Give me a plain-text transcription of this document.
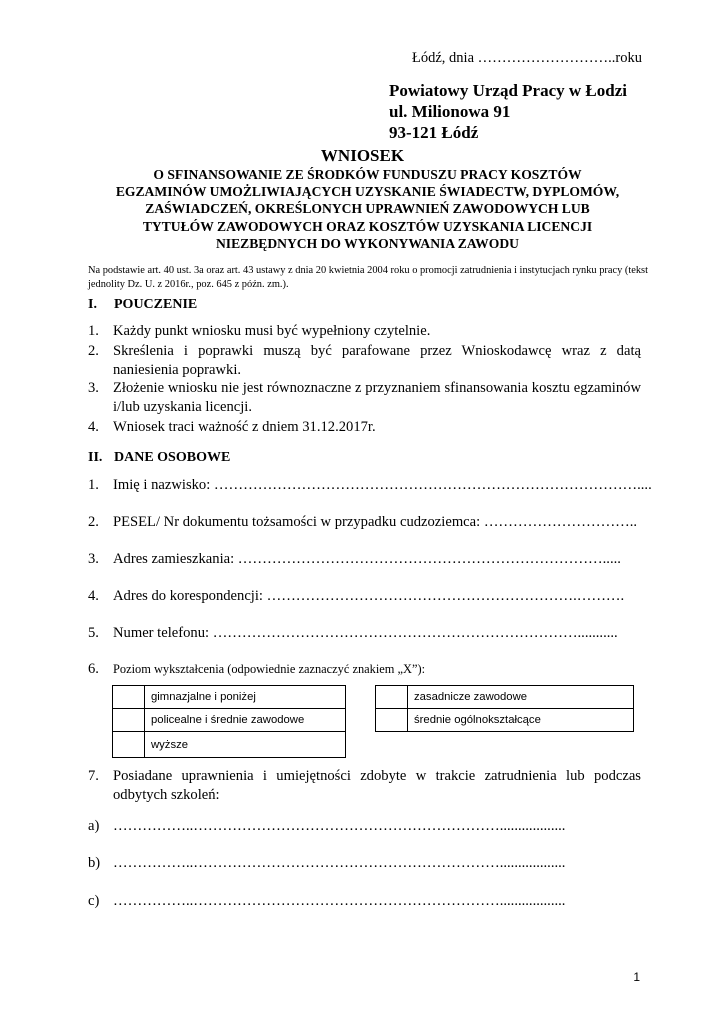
Łódź, dnia ………………………..roku
Powiatowy Urząd Pracy w Łodzi
ul. Milionowa 91
93-121 Łódź
WNIOSEK
O SFINANSOWANIE ZE ŚRODKÓW FUNDUSZU PRACY KOSZTÓW
EGZAMINÓW UMOŻLIWIAJĄCYCH UZYSKANIE ŚWIADECTW, DYPLOMÓW,
ZAŚWIADCZEŃ, OKREŚLONYCH UPRAWNIEŃ ZAWODOWYCH LUB
TYTUŁÓW ZAWODOWYCH ORAZ KOSZTÓW UZYSKANIA LICENCJI
NIEZBĘDNYCH DO WYKONYWANIA ZAWODU
Na podstawie art. 40 ust. 3a oraz art. 43 ustawy z dnia 20 kwietnia 2004 roku o promocji zatrudnienia i instytucjach rynku pracy (tekst jednolity Dz. U. z 2016r., poz. 645 z późn. zm.).
I. POUCZENIE
1. Każdy punkt wniosku musi być wypełniony czytelnie.
2. Skreślenia i poprawki muszą być parafowane przez Wnioskodawcę wraz z datą naniesienia poprawki.
3. Złożenie wniosku nie jest równoznaczne z przyznaniem sfinansowania kosztu egzaminów i/lub uzyskania licencji.
4. Wniosek traci ważność z dniem 31.12.2017r.
II. DANE OSOBOWE
1. Imię i nazwisko: ……………………………………………………………………………....
2. PESEL/ Nr dokumentu tożsamości w przypadku cudzoziemca: …………………………..
3. Adres zamieszkania: ………………………………………………………………….....
4. Adres do korespondencji: ……………………………………………………….……….
5. Numer telefonu: …………………………………………………………………...........
6. Poziom wykształcenia (odpowiednie zaznaczyć znakiem „X”):
	gimnazjalne i poniżej
	policealne i średnie zawodowe
	wyższe
	zasadnicze zawodowe
	średnie ogólnokształcące
7. Posiadane uprawnienia i umiejętności zdobyte w trakcie zatrudnienia lub podczas odbytych szkoleń:
a) ……………..………………………………………………………..................
b) ……………..………………………………………………………..................
c) ……………..………………………………………………………..................
1
